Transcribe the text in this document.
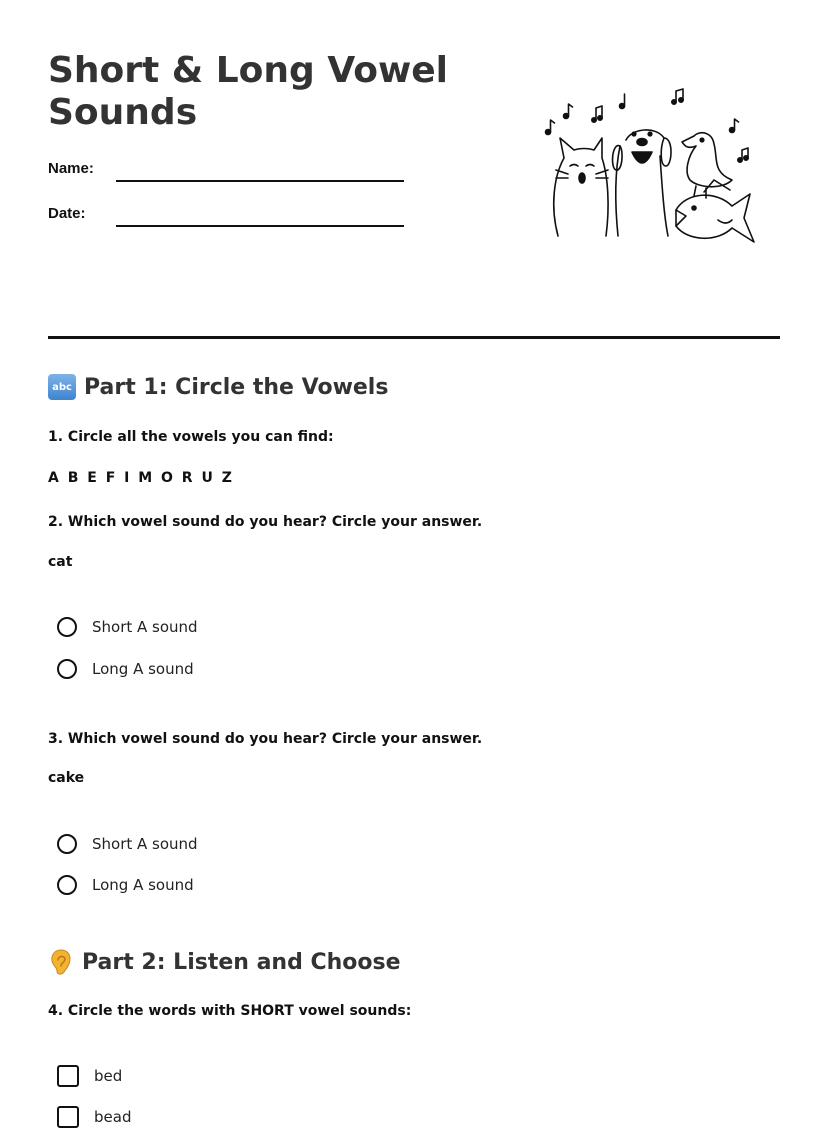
Short & Long Vowel Sounds
Name:
Date:
abc Part 1: Circle the Vowels
1. Circle all the vowels you can find:
A B E F I M O R U Z
2. Which vowel sound do you hear? Circle your answer.
cat
Short A sound
Long A sound
3. Which vowel sound do you hear? Circle your answer.
cake
Short A sound
Long A sound
Part 2: Listen and Choose
4. Circle the words with SHORT vowel sounds:
bed
bead
